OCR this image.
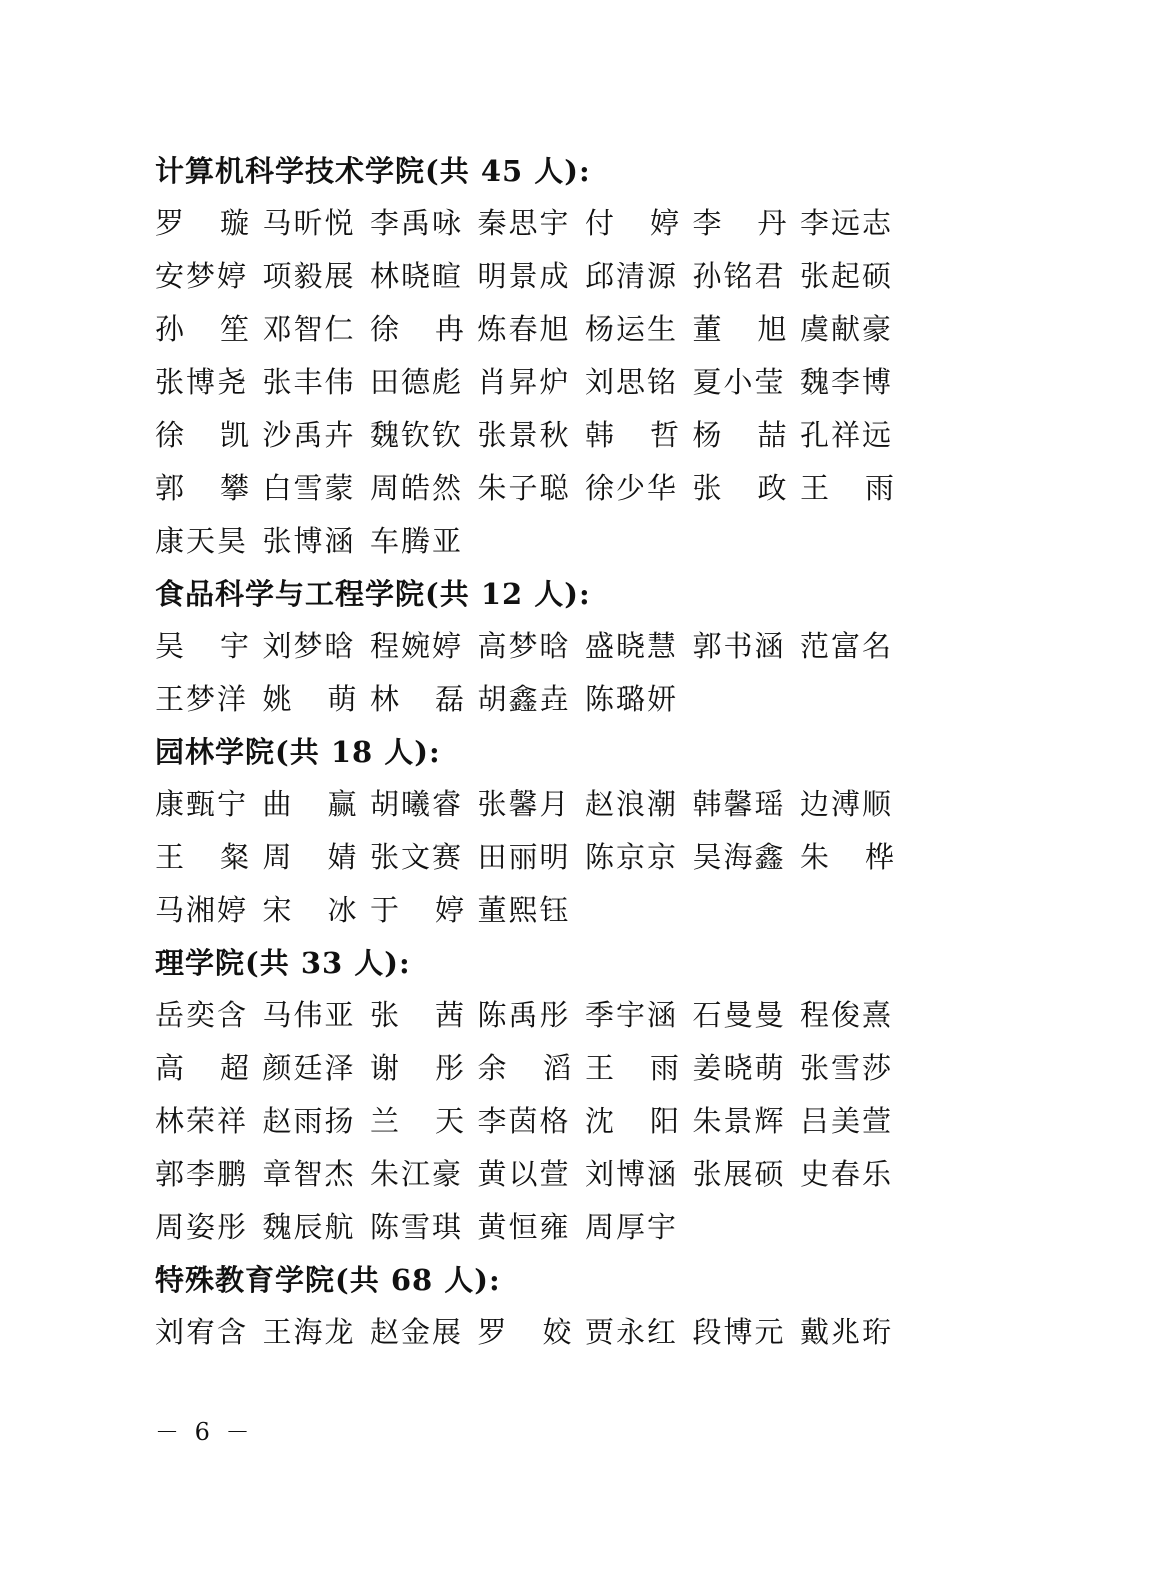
计算机科学技术学院(共 45 人):
罗 璇 马昕悦 李禹咏 秦思宇 付 婷 李 丹 李远志
安梦婷 项毅展 林晓暄 明景成 邱清源 孙铭君 张起硕
孙 笙 邓智仁 徐 冉 炼春旭 杨运生 董 旭 虞献豪
张博尧 张丰伟 田德彪 肖昇炉 刘思铭 夏小莹 魏李博
徐 凯 沙禹卉 魏钦钦 张景秋 韩 哲 杨 喆 孔祥远
郭 攀 白雪蒙 周皓然 朱子聪 徐少华 张 政 王 雨
康天昊 张博涵 车腾亚
食品科学与工程学院(共 12 人):
吴 宇 刘梦晗 程婉婷 高梦晗 盛晓慧 郭书涵 范富名
王梦洋 姚 萌 林 磊 胡鑫垚 陈璐妍
园林学院(共 18 人):
康甄宁 曲 赢 胡曦睿 张馨月 赵浪潮 韩馨瑶 边溥顺
王 粲 周 婧 张文赛 田丽明 陈京京 吴海鑫 朱 桦
马湘婷 宋 冰 于 婷 董熙钰
理学院(共 33 人):
岳奕含 马伟亚 张 茜 陈禹彤 季宇涵 石曼曼 程俊熹
高 超 颜廷泽 谢 彤 余 滔 王 雨 姜晓萌 张雪莎
林荣祥 赵雨扬 兰 天 李茵格 沈 阳 朱景辉 吕美萱
郭李鹏 章智杰 朱江豪 黄以萱 刘博涵 张展硕 史春乐
周姿彤 魏辰航 陈雪琪 黄恒雍 周厚宇
特殊教育学院(共 68 人):
刘宥含 王海龙 赵金展 罗 姣 贾永红 段博元 戴兆珩
－ 6 －
